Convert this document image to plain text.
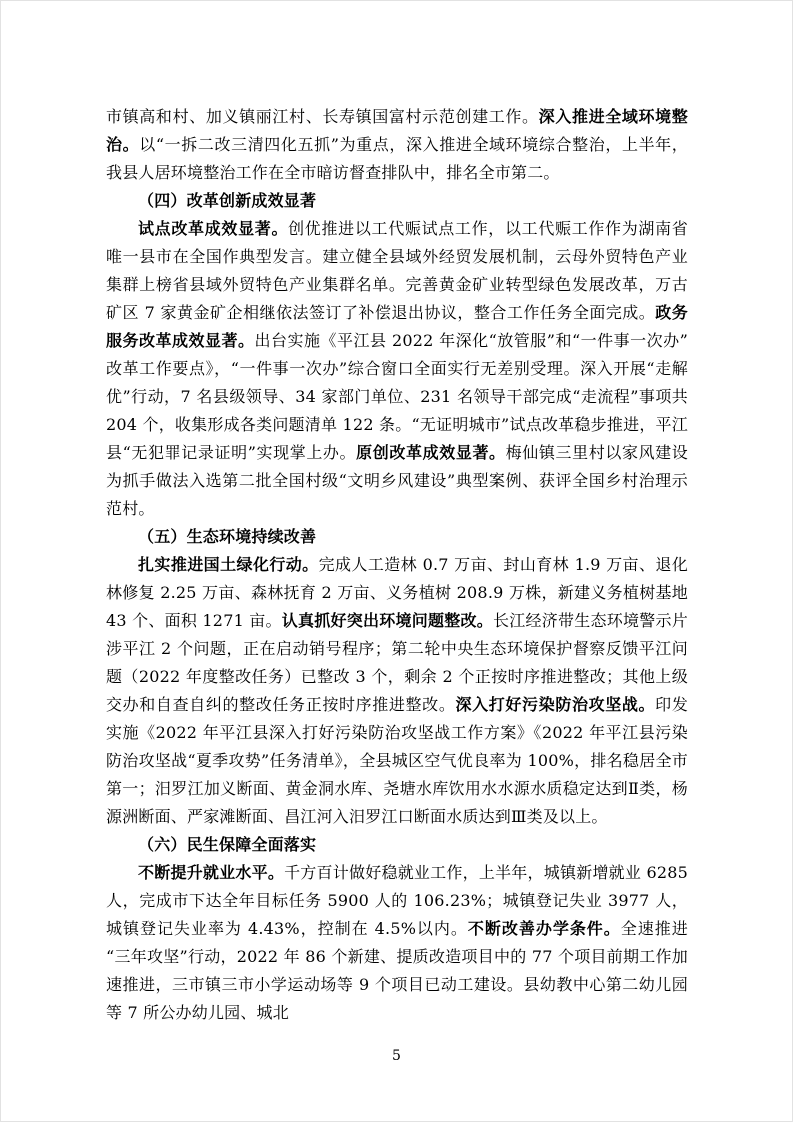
市镇高和村、加义镇丽江村、长寿镇国富村示范创建工作。深入推进全域环境整治。以“一拆二改三清四化五抓”为重点，深入推进全域环境综合整治，上半年，我县人居环境整治工作在全市暗访督查排队中，排名全市第二。

（四）改革创新成效显著

试点改革成效显著。创优推进以工代赈试点工作，以工代赈工作作为湖南省唯一县市在全国作典型发言。建立健全县域外经贸发展机制，云母外贸特色产业集群上榜省县域外贸特色产业集群名单。完善黄金矿业转型绿色发展改革，万古矿区 7 家黄金矿企相继依法签订了补偿退出协议，整合工作任务全面完成。政务服务改革成效显著。出台实施《平江县 2022 年深化“放管服”和“一件事一次办”改革工作要点》，“一件事一次办”综合窗口全面实行无差别受理。深入开展“走解优”行动，7 名县级领导、34 家部门单位、231 名领导干部完成“走流程”事项共 204 个，收集形成各类问题清单 122 条。“无证明城市”试点改革稳步推进，平江县“无犯罪记录证明”实现掌上办。原创改革成效显著。梅仙镇三里村以家风建设为抓手做法入选第二批全国村级“文明乡风建设”典型案例、获评全国乡村治理示范村。

（五）生态环境持续改善

扎实推进国土绿化行动。完成人工造林 0.7 万亩、封山育林 1.9 万亩、退化林修复 2.25 万亩、森林抚育 2 万亩、义务植树 208.9 万株，新建义务植树基地 43 个、面积 1271 亩。认真抓好突出环境问题整改。长江经济带生态环境警示片涉平江 2 个问题，正在启动销号程序；第二轮中央生态环境保护督察反馈平江问题（2022 年度整改任务）已整改 3 个，剩余 2 个正按时序推进整改；其他上级交办和自查自纠的整改任务正按时序推进整改。深入打好污染防治攻坚战。印发实施《2022 年平江县深入打好污染防治攻坚战工作方案》《2022 年平江县污染防治攻坚战“夏季攻势”任务清单》，全县城区空气优良率为 100%，排名稳居全市第一；汨罗江加义断面、黄金洞水库、尧塘水库饮用水水源水质稳定达到Ⅱ类，杨源洲断面、严家滩断面、昌江河入汨罗江口断面水质达到Ⅲ类及以上。

（六）民生保障全面落实

不断提升就业水平。千方百计做好稳就业工作，上半年，城镇新增就业 6285 人，完成市下达全年目标任务 5900 人的 106.23%；城镇登记失业 3977 人，城镇登记失业率为 4.43%，控制在 4.5%以内。不断改善办学条件。全速推进“三年攻坚”行动，2022 年 86 个新建、提质改造项目中的 77 个项目前期工作加速推进，三市镇三市小学运动场等 9 个项目已动工建设。县幼教中心第二幼儿园等 7 所公办幼儿园、城北

5
